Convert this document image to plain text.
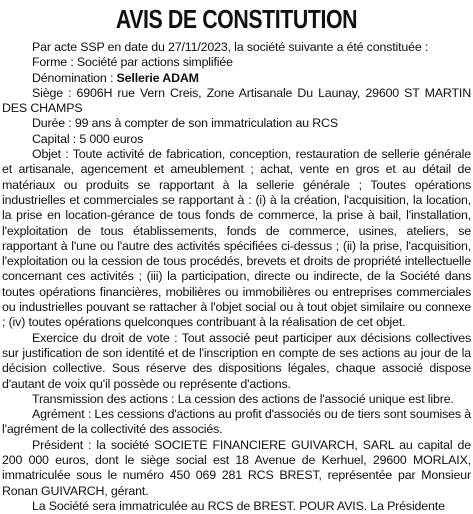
AVIS DE CONSTITUTION

Par acte SSP en date du 27/11/2023, la société suivante a été constituée :

Forme : Société par actions simplifiée

Dénomination : Sellerie ADAM

Siège : 6906H rue Vern Creis, Zone Artisanale Du Launay, 29600 ST MARTIN DES CHAMPS

Durée : 99 ans à compter de son immatriculation au RCS

Capital : 5 000 euros

Objet : Toute activité de fabrication, conception, restauration de sellerie générale et artisanale, agencement et ameublement ; achat, vente en gros et au détail de matériaux ou produits se rapportant à la sellerie générale ; Toutes opérations industrielles et commerciales se rapportant à : (i) à la création, l'acquisition, la location, la prise en location-gérance de tous fonds de commerce, la prise à bail, l'installation, l'exploitation de tous établissements, fonds de commerce, usines, ateliers, se rapportant à l'une ou l'autre des activités spécifiées ci-dessus ; (ii) la prise, l'acquisition, l'exploitation ou la cession de tous procédés, brevets et droits de propriété intellectuelle concernant ces activités ; (iii) la participation, directe ou indirecte, de la Société dans toutes opérations financières, mobilières ou immobilières ou entreprises commerciales ou industrielles pouvant se rattacher à l'objet social ou à tout objet similaire ou connexe ; (iv) toutes opérations quelconques contribuant à la réalisation de cet objet.

Exercice du droit de vote : Tout associé peut participer aux décisions collectives sur justification de son identité et de l'inscription en compte de ses actions au jour de la décision collective. Sous réserve des dispositions légales, chaque associé dispose d'autant de voix qu'il possède ou représente d'actions.

Transmission des actions : La cession des actions de l'associé unique est libre.

Agrément : Les cessions d'actions au profit d'associés ou de tiers sont soumises à l'agrément de la collectivité des associés.

Président : la société SOCIETE FINANCIERE GUIVARCH, SARL au capital de 200 000 euros, dont le siège social est 18 Avenue de Kerhuel, 29600 MORLAIX, immatriculée sous le numéro 450 069 281 RCS BREST, représentée par Monsieur Ronan GUIVARCH, gérant.

La Société sera immatriculée au RCS de BREST. POUR AVIS. La Présidente
